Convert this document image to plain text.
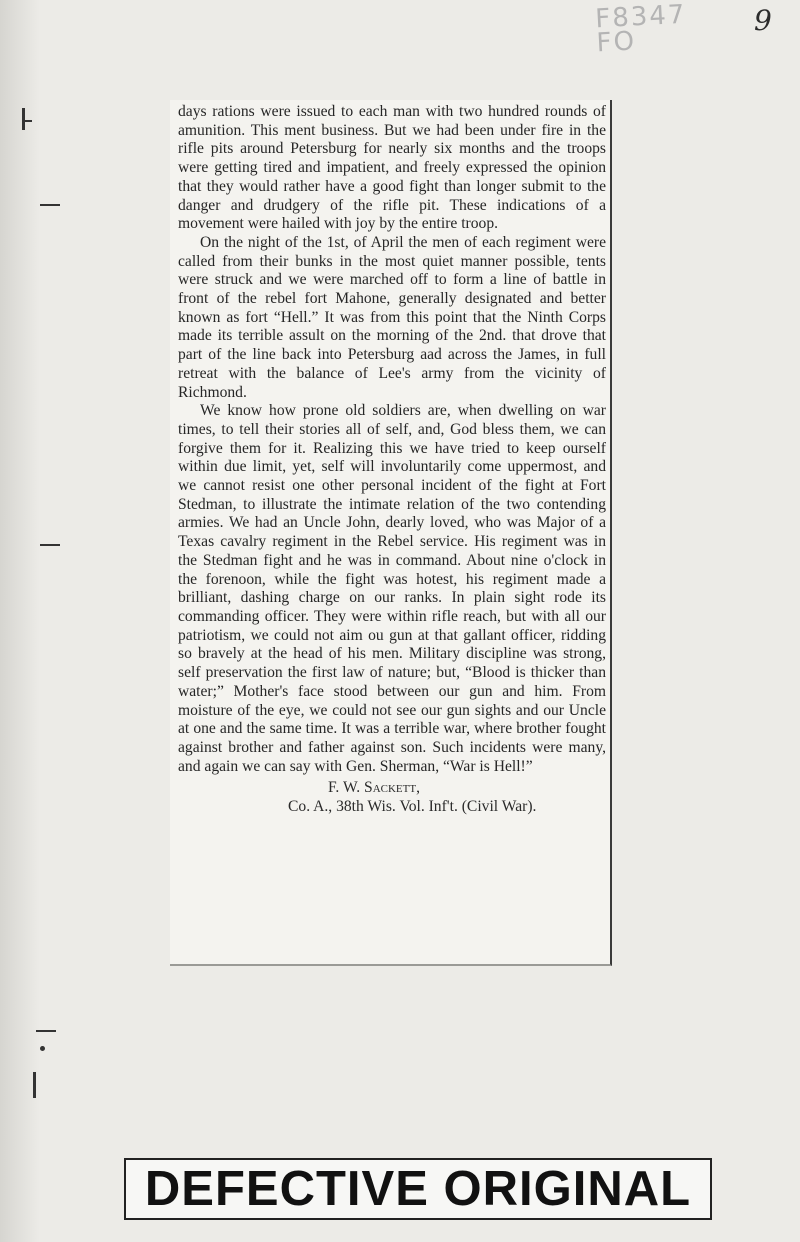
F8347 FO
9

days rations were issued to each man with two hundred rounds of amunition. This ment business. But we had been under fire in the rifle pits around Petersburg for nearly six months and the troops were getting tired and impatient, and freely expressed the opinion that they would rather have a good fight than longer submit to the danger and drudgery of the rifle pit. These indications of a movement were hailed with joy by the entire troop.

On the night of the 1st, of April the men of each regiment were called from their bunks in the most quiet manner possible, tents were struck and we were marched off to form a line of battle in front of the rebel fort Mahone, generally designated and better known as fort “Hell.” It was from this point that the Ninth Corps made its terrible assult on the morning of the 2nd. that drove that part of the line back into Petersburg aad across the James, in full retreat with the balance of Lee's army from the vicinity of Richmond.

We know how prone old soldiers are, when dwelling on war times, to tell their stories all of self, and, God bless them, we can forgive them for it. Realizing this we have tried to keep ourself within due limit, yet, self will involuntarily come uppermost, and we cannot resist one other personal incident of the fight at Fort Stedman, to illustrate the intimate relation of the two contending armies. We had an Uncle John, dearly loved, who was Major of a Texas cavalry regiment in the Rebel service. His regiment was in the Stedman fight and he was in command. About nine o'clock in the forenoon, while the fight was hotest, his regiment made a brilliant, dashing charge on our ranks. In plain sight rode its commanding officer. They were within rifle reach, but with all our patriotism, we could not aim ou gun at that gallant officer, ridding so bravely at the head of his men. Military discipline was strong, self preservation the first law of nature; but, “Blood is thicker than water;” Mother's face stood between our gun and him. From moisture of the eye, we could not see our gun sights and our Uncle at one and the same time. It was a terrible war, where brother fought against brother and father against son. Such incidents were many, and again we can say with Gen. Sherman, “War is Hell!”

F. W. Sackett,
Co. A., 38th Wis. Vol. Inf't. (Civil War).
DEFECTIVE ORIGINAL
